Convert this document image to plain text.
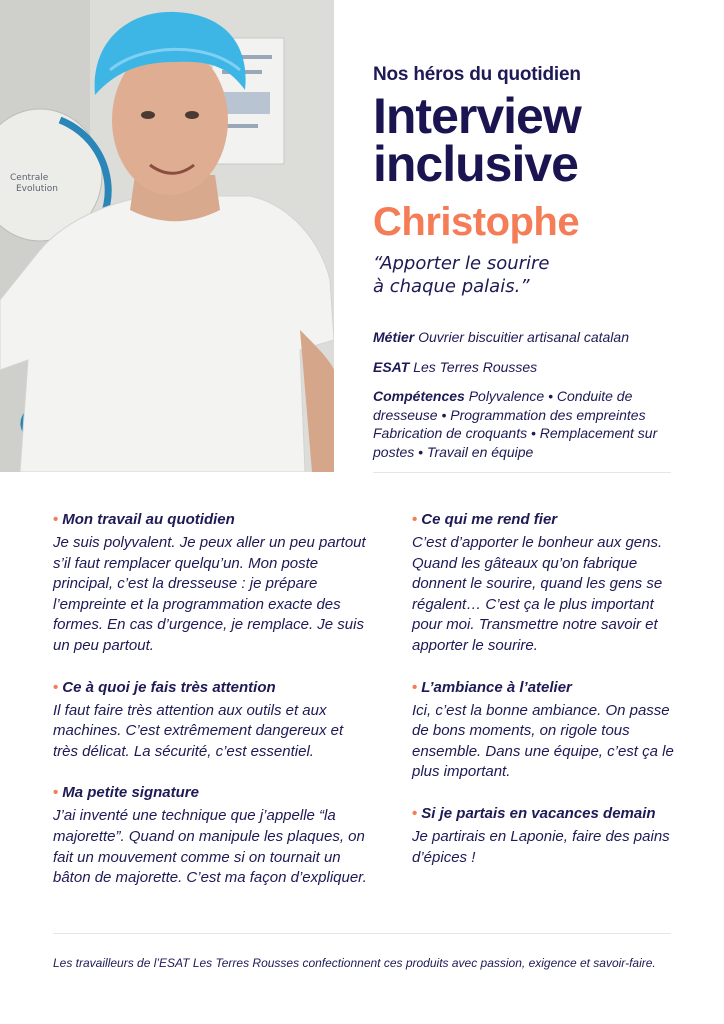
Centrale
Evolution
Nos héros du quotidien
Interview inclusive
Christophe
“Apporter le sourire
à chaque palais.”
Métier Ouvrier biscuitier artisanal catalan
ESAT Les Terres Rousses
Compétences Polyvalence • Conduite de dresseuse • Programmation des empreintes Fabrication de croquants • Remplacement sur postes • Travail en équipe
• Mon travail au quotidien
Je suis polyvalent. Je peux aller un peu partout s’il faut remplacer quelqu’un. Mon poste principal, c’est la dresseuse : je prépare l’empreinte et la programmation exacte des formes. En cas d’urgence, je remplace. Je suis un peu partout.
• Ce à quoi je fais très attention
Il faut faire très attention aux outils et aux machines. C’est extrêmement dangereux et très délicat. La sécurité, c’est essentiel.
• Ma petite signature
J’ai inventé une technique que j’appelle “la majorette”. Quand on manipule les plaques, on fait un mouvement comme si on tournait un bâton de majorette. C’est ma façon d’expliquer.
• Ce qui me rend fier
C’est d’apporter le bonheur aux gens. Quand les gâteaux qu’on fabrique donnent le sourire, quand les gens se régalent… C’est ça le plus important pour moi. Transmettre notre savoir et apporter le sourire.
• L’ambiance à l’atelier
Ici, c’est la bonne ambiance. On passe de bons moments, on rigole tous ensemble. Dans une équipe, c’est ça le plus important.
• Si je partais en vacances demain
Je partirais en Laponie, faire des pains d’épices !
Les travailleurs de l’ESAT Les Terres Rousses confectionnent ces produits avec passion, exigence et savoir-faire.
